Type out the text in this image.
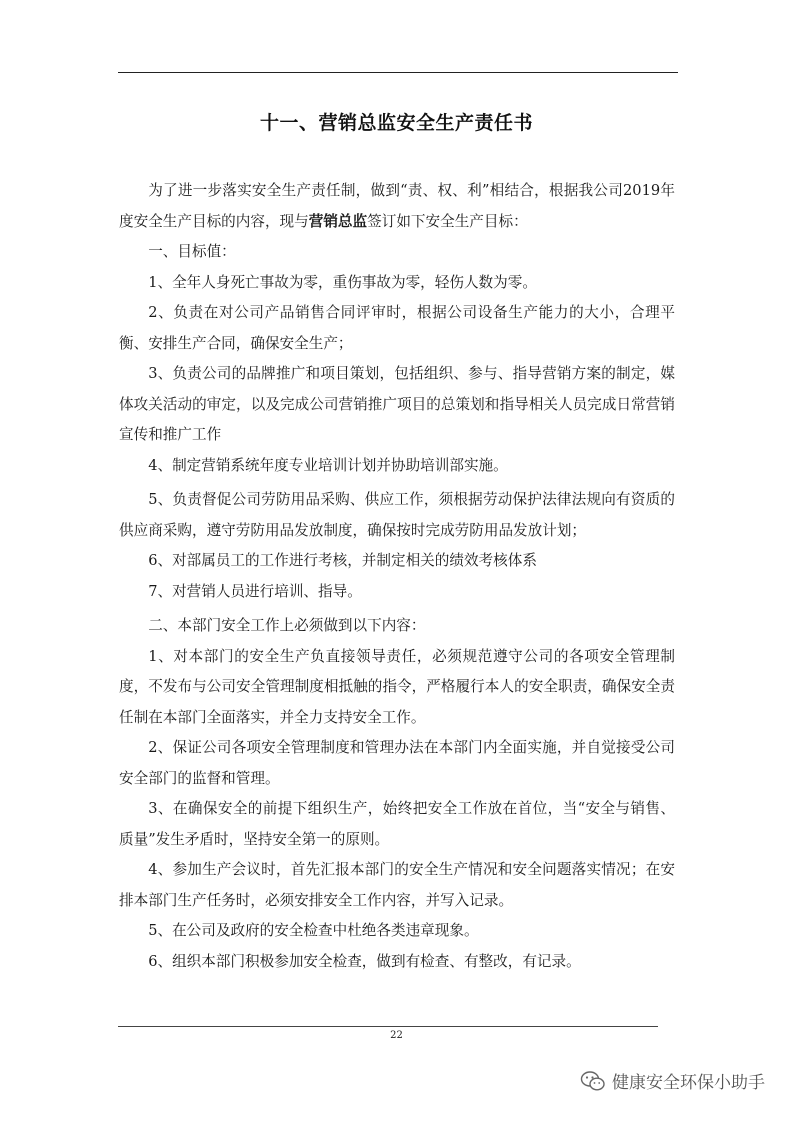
十一、营销总监安全生产责任书

为了进一步落实安全生产责任制，做到“责、权、利”相结合，根据我公司2019年度安全生产目标的内容，现与营销总监签订如下安全生产目标：

一、目标值：

1、全年人身死亡事故为零，重伤事故为零，轻伤人数为零。

2、负责在对公司产品销售合同评审时，根据公司设备生产能力的大小，合理平衡、安排生产合同，确保安全生产；

3、负责公司的品牌推广和项目策划，包括组织、参与、指导营销方案的制定，媒体攻关活动的审定，以及完成公司营销推广项目的总策划和指导相关人员完成日常营销宣传和推广工作

4、制定营销系统年度专业培训计划并协助培训部实施。

5、负责督促公司劳防用品采购、供应工作，须根据劳动保护法律法规向有资质的供应商采购，遵守劳防用品发放制度，确保按时完成劳防用品发放计划；

6、对部属员工的工作进行考核，并制定相关的绩效考核体系

7、对营销人员进行培训、指导。

二、本部门安全工作上必须做到以下内容：

1、对本部门的安全生产负直接领导责任，必须规范遵守公司的各项安全管理制度，不发布与公司安全管理制度相抵触的指令，严格履行本人的安全职责，确保安全责任制在本部门全面落实，并全力支持安全工作。

2、保证公司各项安全管理制度和管理办法在本部门内全面实施，并自觉接受公司安全部门的监督和管理。

3、在确保安全的前提下组织生产，始终把安全工作放在首位，当“安全与销售、质量”发生矛盾时，坚持安全第一的原则。

4、参加生产会议时，首先汇报本部门的安全生产情况和安全问题落实情况；在安排本部门生产任务时，必须安排安全工作内容，并写入记录。

5、在公司及政府的安全检查中杜绝各类违章现象。

6、组织本部门积极参加安全检查，做到有检查、有整改，有记录。

22
健康安全环保小助手
